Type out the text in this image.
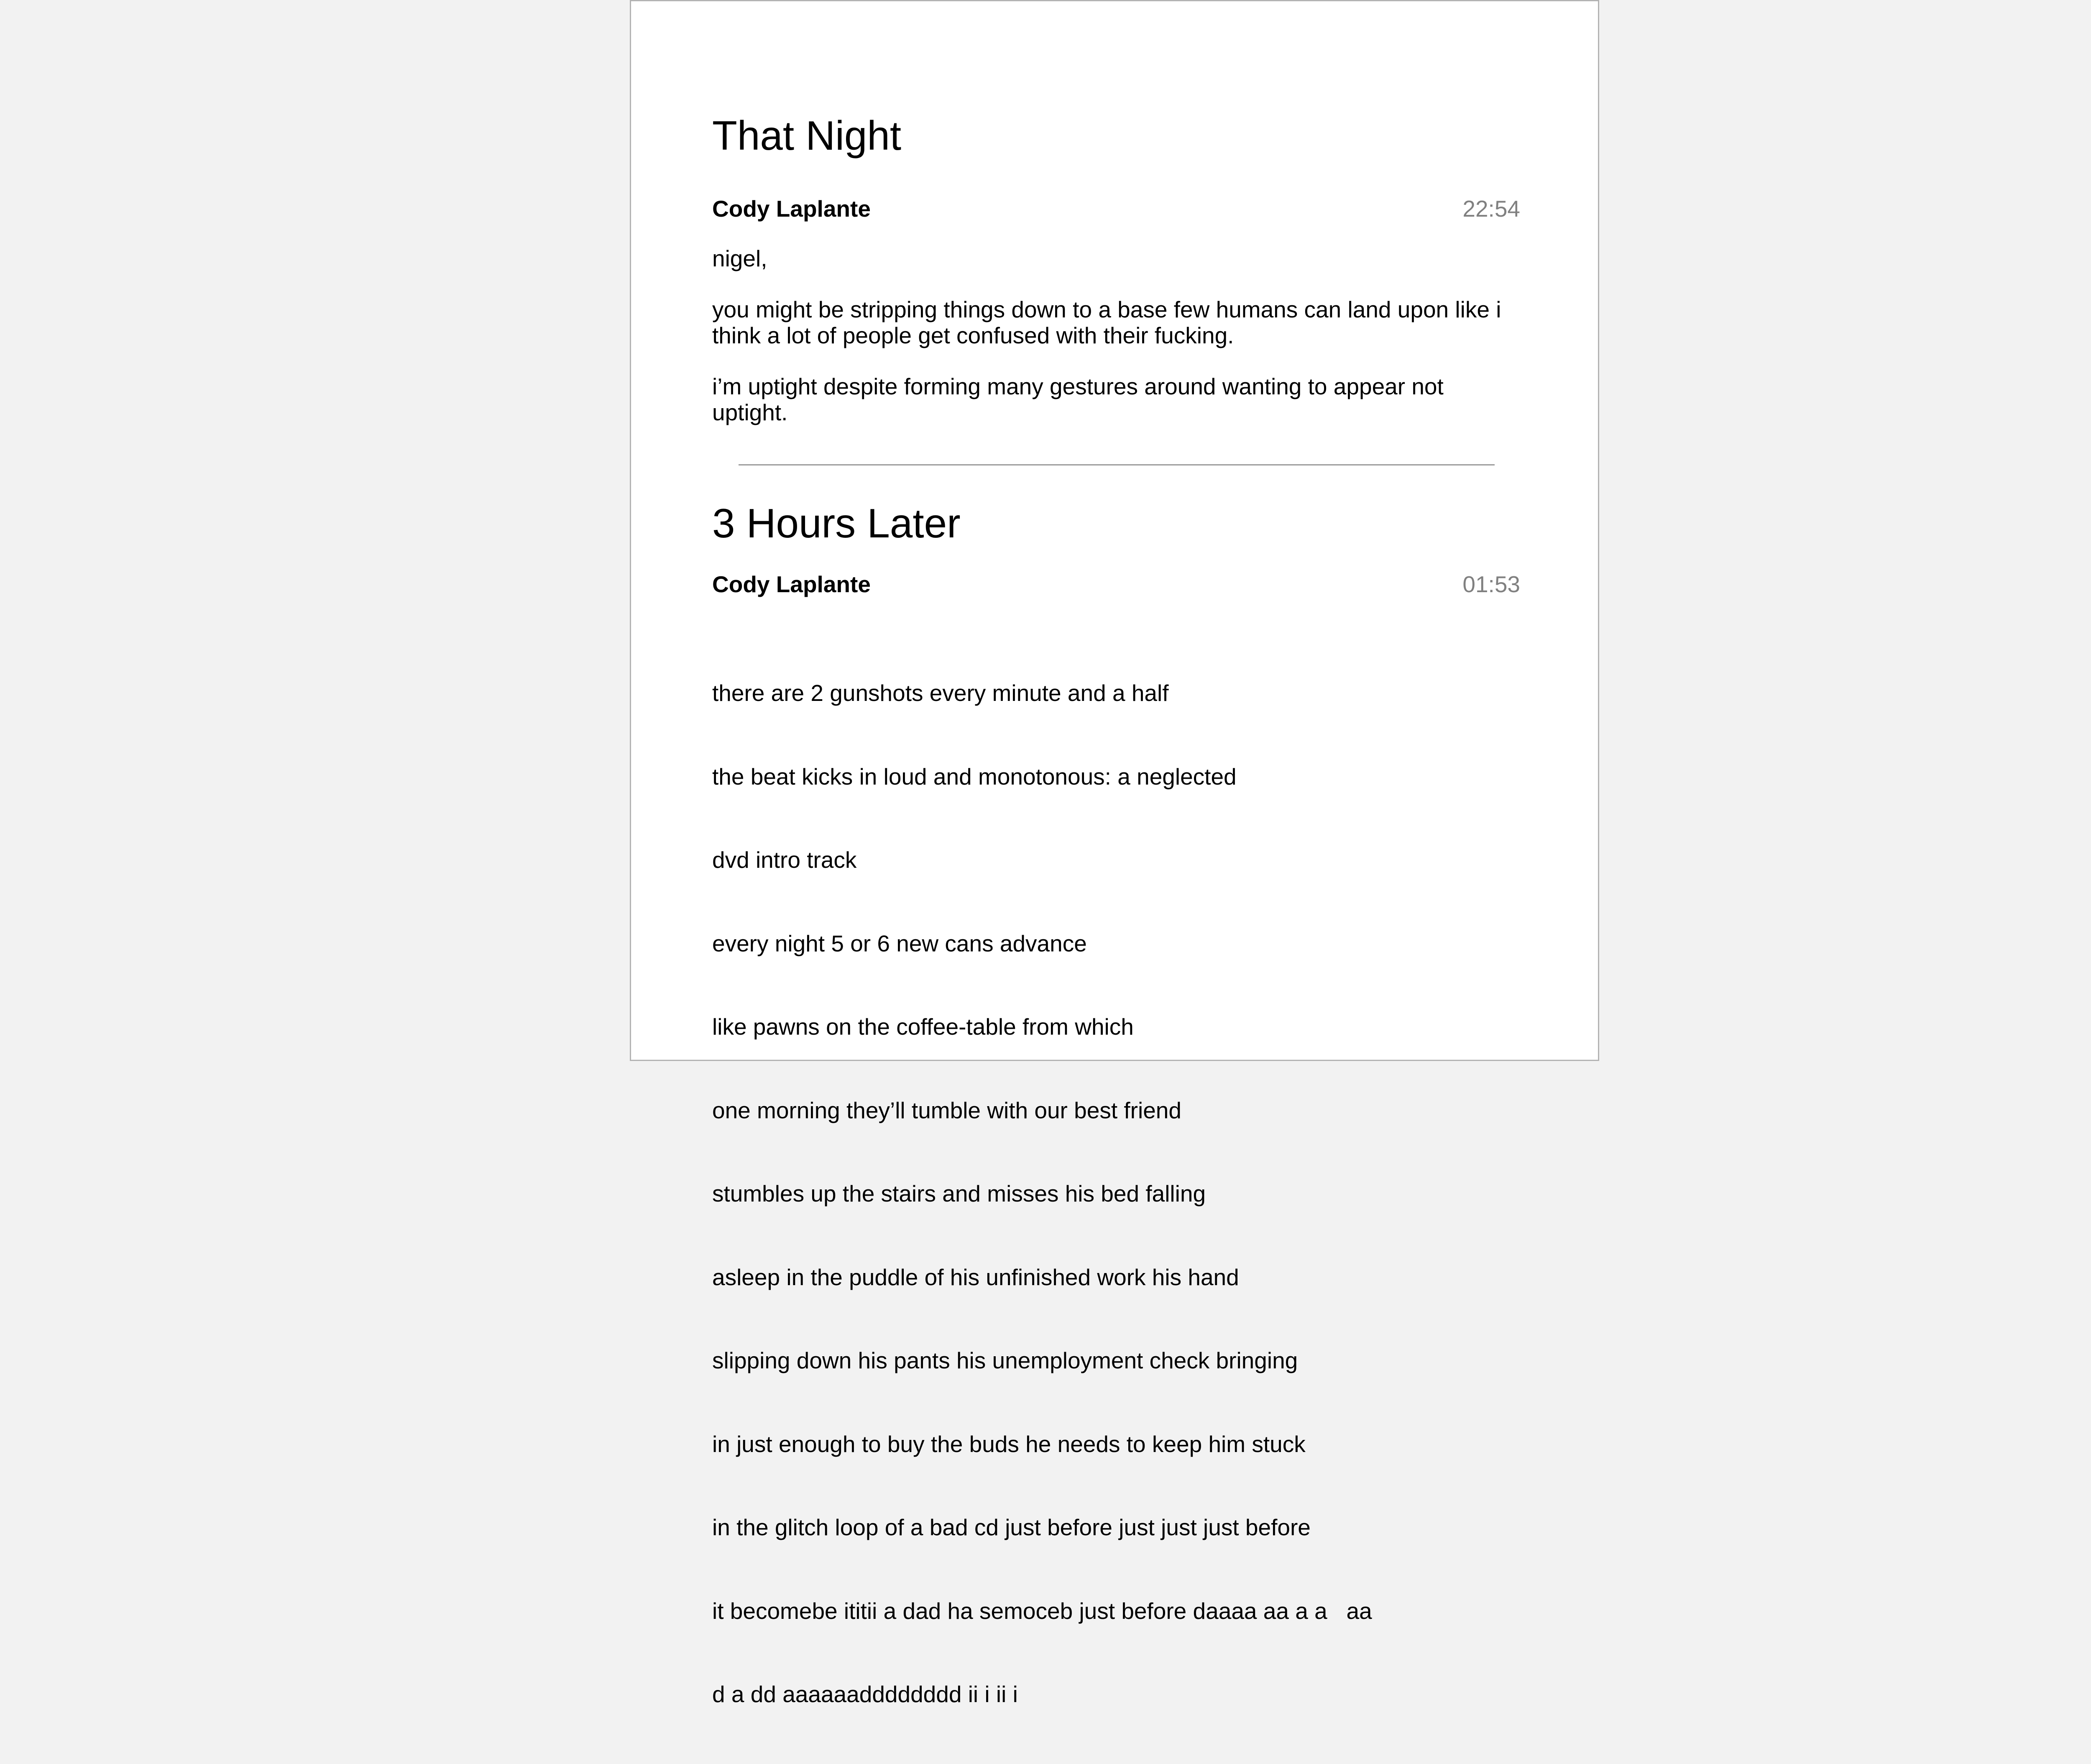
That Night
Cody Laplante	22:54

nigel,

you might be stripping things down to a base few humans can land upon like i think a lot of people get confused with their fucking.

i’m uptight despite forming many gestures around wanting to appear not uptight.

3 Hours Later
Cody Laplante	01:53

there are 2 gunshots every minute and a half

the beat kicks in loud and monotonous: a neglected

dvd intro track

every night 5 or 6 new cans advance

like pawns on the coffee-table from which

one morning they’ll tumble with our best friend

stumbles up the stairs and misses his bed falling

asleep in the puddle of his unfinished work his hand

slipping down his pants his unemployment check bringing

in just enough to buy the buds he needs to keep him stuck

in the glitch loop of a bad cd just before just just just before

it becomebe ititii a dad ha semoceb just before daaaa aa a a   aa

d a dd aaaaaadddddddd ii i ii i
